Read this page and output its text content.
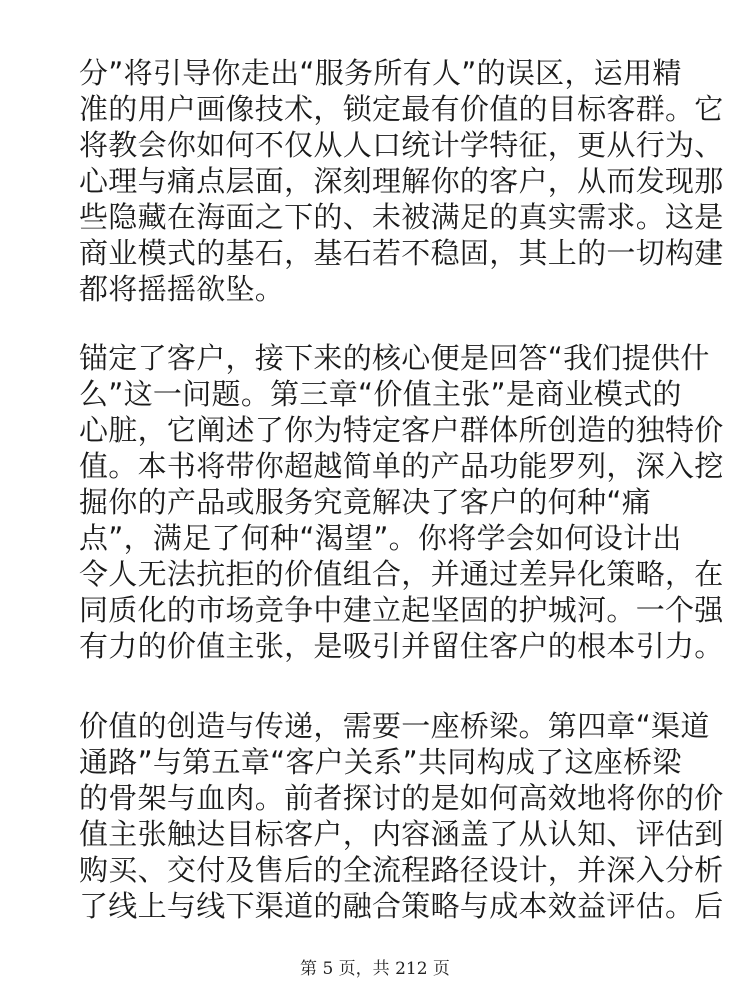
分”将引导你走出“服务所有人”的误区，运用精
准的用户画像技术，锁定最有价值的目标客群。它
将教会你如何不仅从人口统计学特征，更从行为、
心理与痛点层面，深刻理解你的客户，从而发现那
些隐藏在海面之下的、未被满足的真实需求。这是
商业模式的基石，基石若不稳固，其上的一切构建
都将摇摇欲坠。
锚定了客户，接下来的核心便是回答“我们提供什
么”这一问题。第三章“价值主张”是商业模式的
心脏，它阐述了你为特定客户群体所创造的独特价
值。本书将带你超越简单的产品功能罗列，深入挖
掘你的产品或服务究竟解决了客户的何种“痛
点”，满足了何种“渴望”。你将学会如何设计出
令人无法抗拒的价值组合，并通过差异化策略，在
同质化的市场竞争中建立起坚固的护城河。一个强
有力的价值主张，是吸引并留住客户的根本引力。
价值的创造与传递，需要一座桥梁。第四章“渠道
通路”与第五章“客户关系”共同构成了这座桥梁
的骨架与血肉。前者探讨的是如何高效地将你的价
值主张触达目标客户，内容涵盖了从认知、评估到
购买、交付及售后的全流程路径设计，并深入分析
了线上与线下渠道的融合策略与成本效益评估。后
第 5 页，共 212 页
